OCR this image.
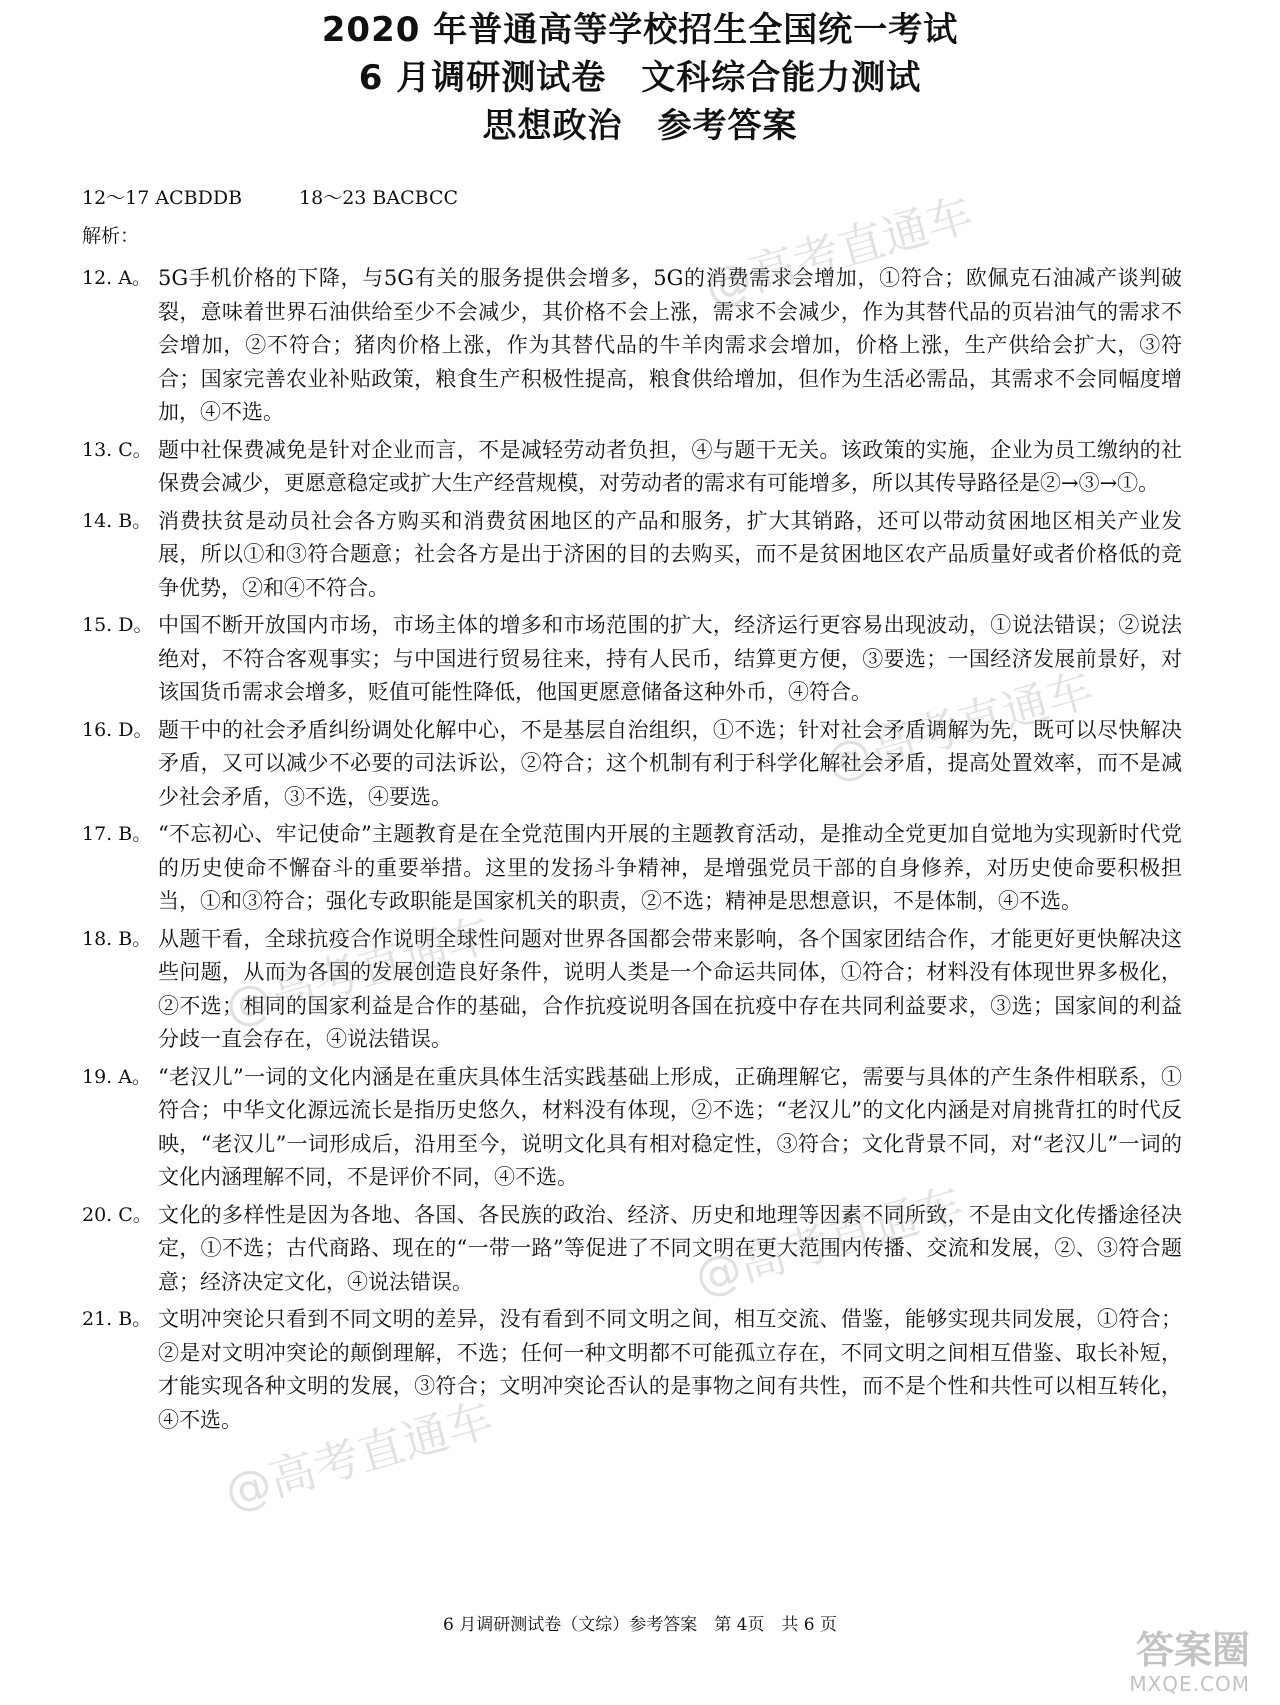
2020 年普通高等学校招生全国统一考试
6 月调研测试卷　文科综合能力测试
思想政治　参考答案
12～17 ACBDDB　　　18～23 BACBCC
解析：
12. A。 5G手机价格的下降，与5G有关的服务提供会增多，5G的消费需求会增加，①符合；欧佩克石油减产谈判破裂，意味着世界石油供给至少不会减少，其价格不会上涨，需求不会减少，作为其替代品的页岩油气的需求不会增加，②不符合；猪肉价格上涨，作为其替代品的牛羊肉需求会增加，价格上涨，生产供给会扩大，③符合；国家完善农业补贴政策，粮食生产积极性提高，粮食供给增加，但作为生活必需品，其需求不会同幅度增加，④不选。
13. C。 题中社保费减免是针对企业而言，不是减轻劳动者负担，④与题干无关。该政策的实施，企业为员工缴纳的社保费会减少，更愿意稳定或扩大生产经营规模，对劳动者的需求有可能增多，所以其传导路径是②→③→①。
14. B。 消费扶贫是动员社会各方购买和消费贫困地区的产品和服务，扩大其销路，还可以带动贫困地区相关产业发展，所以①和③符合题意；社会各方是出于济困的目的去购买，而不是贫困地区农产品质量好或者价格低的竞争优势，②和④不符合。
15. D。 中国不断开放国内市场，市场主体的增多和市场范围的扩大，经济运行更容易出现波动，①说法错误；②说法绝对，不符合客观事实；与中国进行贸易往来，持有人民币，结算更方便，③要选；一国经济发展前景好，对该国货币需求会增多，贬值可能性降低，他国更愿意储备这种外币，④符合。
16. D。 题干中的社会矛盾纠纷调处化解中心，不是基层自治组织，①不选；针对社会矛盾调解为先，既可以尽快解决矛盾，又可以减少不必要的司法诉讼，②符合；这个机制有利于科学化解社会矛盾，提高处置效率，而不是减少社会矛盾，③不选，④要选。
17. B。 “不忘初心、牢记使命”主题教育是在全党范围内开展的主题教育活动，是推动全党更加自觉地为实现新时代党的历史使命不懈奋斗的重要举措。这里的发扬斗争精神，是增强党员干部的自身修养，对历史使命要积极担当，①和③符合；强化专政职能是国家机关的职责，②不选；精神是思想意识，不是体制，④不选。
18. B。 从题干看，全球抗疫合作说明全球性问题对世界各国都会带来影响，各个国家团结合作，才能更好更快解决这些问题，从而为各国的发展创造良好条件，说明人类是一个命运共同体，①符合；材料没有体现世界多极化，②不选；相同的国家利益是合作的基础，合作抗疫说明各国在抗疫中存在共同利益要求，③选；国家间的利益分歧一直会存在，④说法错误。
19. A。 “老汉儿”一词的文化内涵是在重庆具体生活实践基础上形成，正确理解它，需要与具体的产生条件相联系，①符合；中华文化源远流长是指历史悠久，材料没有体现，②不选；“老汉儿”的文化内涵是对肩挑背扛的时代反映，“老汉儿”一词形成后，沿用至今，说明文化具有相对稳定性，③符合；文化背景不同，对“老汉儿”一词的文化内涵理解不同，不是评价不同，④不选。
20. C。 文化的多样性是因为各地、各国、各民族的政治、经济、历史和地理等因素不同所致，不是由文化传播途径决定，①不选；古代商路、现在的“一带一路”等促进了不同文明在更大范围内传播、交流和发展，②、③符合题意；经济决定文化，④说法错误。
21. B。 文明冲突论只看到不同文明的差异，没有看到不同文明之间，相互交流、借鉴，能够实现共同发展，①符合；②是对文明冲突论的颠倒理解，不选；任何一种文明都不可能孤立存在，不同文明之间相互借鉴、取长补短，才能实现各种文明的发展，③符合；文明冲突论否认的是事物之间有共性，而不是个性和共性可以相互转化，④不选。
6 月调研测试卷（文综）参考答案　第 4页　共 6 页
@高考直通车
@高考直通车
@高考直通车
@高考直通车
@高考直通车
答案圈
MXQE.COM
